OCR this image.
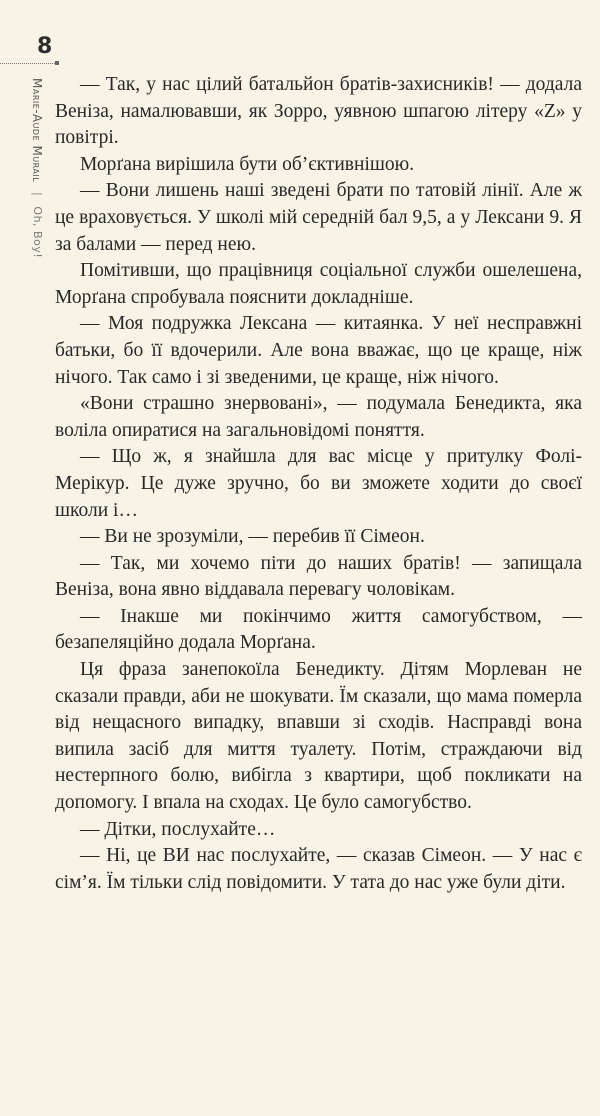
8
Marie-Aude Murail | Oh, Boy!

— Так, у нас цілий батальйон братів-захисників! — додала Веніза, намалювавши, як Зорро, уявною шпагою літеру «Z» у повітрі.

Морґана вирішила бути об’єктивнішою.

— Вони лишень наші зведені брати по татовій лінії. Але ж це враховується. У школі мій середній бал 9,5, а у Лексани 9. Я за балами — перед нею.

Помітивши, що працівниця соціальної служби ошелешена, Морґана спробувала пояснити докладніше.

— Моя подружка Лексана — китаянка. У неї несправжні батьки, бо її вдочерили. Але вона вважає, що це краще, ніж нічого. Так само і зі зведеними, це краще, ніж нічого.

«Вони страшно знервовані», — подумала Бенедикта, яка воліла опиратися на загальновідомі поняття.

— Що ж, я знайшла для вас місце у притулку Фолі-Мерікур. Це дуже зручно, бо ви зможете ходити до своєї школи і…

— Ви не зрозуміли, — перебив її Сімеон.

— Так, ми хочемо піти до наших братів! — запищала Веніза, вона явно віддавала перевагу чоловікам.

— Інакше ми покінчимо життя самогубством, — безапеляційно додала Морґана.

Ця фраза занепокоїла Бенедикту. Дітям Морлеван не сказали правди, аби не шокувати. Їм сказали, що мама померла від нещасного випадку, впавши зі сходів. Насправді вона випила засіб для миття туалету. Потім, страждаючи від нестерпного болю, вибігла з квартири, щоб покликати на допомогу. І впала на сходах. Це було самогубство.

— Дітки, послухайте…

— Ні, це ВИ нас послухайте, — сказав Сімеон. — У нас є сім’я. Їм тільки слід повідомити. У тата до нас уже були діти.
